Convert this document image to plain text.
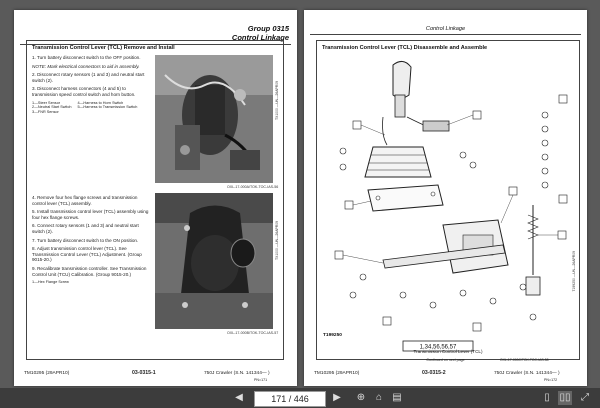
Group 0315
Control Linkage
Transmission Control Lever (TCL) Remove and Install

1. Turn battery disconnect switch to the OFF position.

NOTE: Mark electrical connectors to aid in assembly.

2. Disconnect rotary sensors (1 and 3) and neutral start switch (2).

3. Disconnect harness connectors (4 and 5) to transmission speed control switch and horn button.

1—Steer Sensor
2—Neutral Start Switch
3—FNR Sensor
4—Harness to Horn Switch
5—Harness to Transmission Switch	TX1000 —UN—26APR09
OXL-17-000A/TOK-TOC-IAS-56

4. Remove four hex flange screws and transmission control lever (TCL) assembly.

5. Install transmission control lever (TCL) assembly using four hex flange screws.

6. Connect rotary sensors (1 and 3) and neutral start switch (2).

7. Turn battery disconnect switch to the ON position.

8. Adjust transmission control lever (TCL). See Transmission Control Lever (TCL) Adjustment. (Group 9015-20.)

9. Recalibrate transmission controller. See Transmission Control Unit (TCU) Calibration. (Group 9015-20.)

1—Hex Flange Screw
TX1000 —UN—26APR09
OXL-17-000B/TOK-TOC-IAS-57
TM10295 (29APR10)	03-0315-1	750J Crawler (S.N. 141344— )
PN=171
Control Linkage
Transmission Control Lever (TCL) Disassemble and Assemble
1,34,56,56,57
T199250
Transmission Control Lever (TCL)
T199250 —UN—26APR09
Continued on next page	OXL-17-000C/TOK-TOC-IAS-58
TM10295 (29APR10)	03-0315-2	750J Crawler (S.N. 141344— )
PN=172
◀	171 / 446	▶	⊕	⌂	▤	▯ ▯▯	⤢
